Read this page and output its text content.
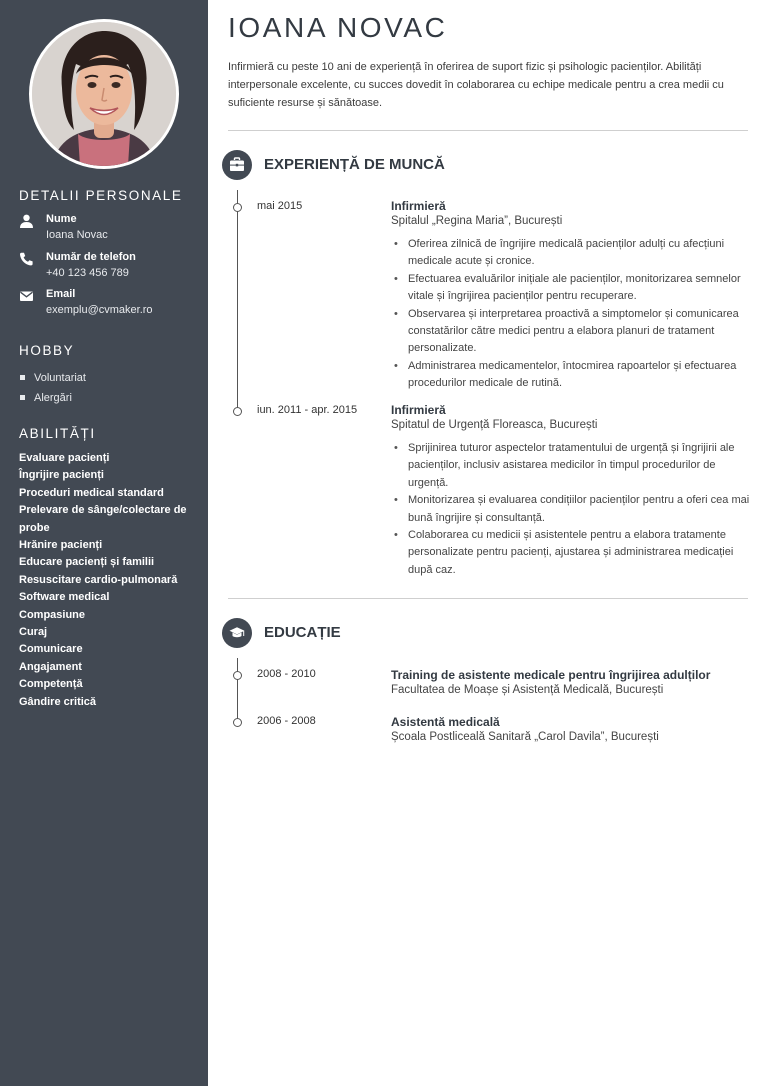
DETALII PERSONALE
Nume
Ioana Novac
Număr de telefon
+40 123 456 789
Email
exemplu@cvmaker.ro
HOBBY
Voluntariat
Alergări
ABILITĂȚI
Evaluare pacienți
Îngrijire pacienți
Proceduri medical standard
Prelevare de sânge/colectare de probe
Hrănire pacienți
Educare pacienți și familii
Resuscitare cardio-pulmonară
Software medical
Compasiune
Curaj
Comunicare
Angajament
Competență
Gândire critică
IOANA NOVAC

Infirmieră cu peste 10 ani de experiență în oferirea de suport fizic și psihologic pacienților. Abilități interpersonale excelente, cu succes dovedit în colaborarea cu echipe medicale pentru a crea medii cu suficiente resurse și sănătoase.

EXPERIENȚĂ DE MUNCĂ
mai 2015	Infirmieră
Spitalul „Regina Maria”, București
• Oferirea zilnică de îngrijire medicală pacienților adulți cu afecțiuni medicale acute și cronice.
• Efectuarea evaluărilor inițiale ale pacienților, monitorizarea semnelor vitale și îngrijirea pacienților pentru recuperare.
• Observarea și interpretarea proactivă a simptomelor și comunicarea constatărilor către medici pentru a elabora planuri de tratament personalizate.
• Administrarea medicamentelor, întocmirea rapoartelor și efectuarea procedurilor medicale de rutină.
iun. 2011 - apr. 2015	Infirmieră
Spitatul de Urgență Floreasca, București
• Sprijinirea tuturor aspectelor tratamentului de urgență și îngrijirii ale pacienților, inclusiv asistarea medicilor în timpul procedurilor de urgență.
• Monitorizarea și evaluarea condițiilor pacienților pentru a oferi cea mai bună îngrijire și consultanță.
• Colaborarea cu medicii și asistentele pentru a elabora tratamente personalizate pentru pacienți, ajustarea și administrarea medicației după caz.
EDUCAȚIE
2008 - 2010	Training de asistente medicale pentru îngrijirea adulților
Facultatea de Moașe și Asistență Medicală, București
2006 - 2008	Asistentă medicală
Școala Postliceală Sanitară „Carol Davila”, București
